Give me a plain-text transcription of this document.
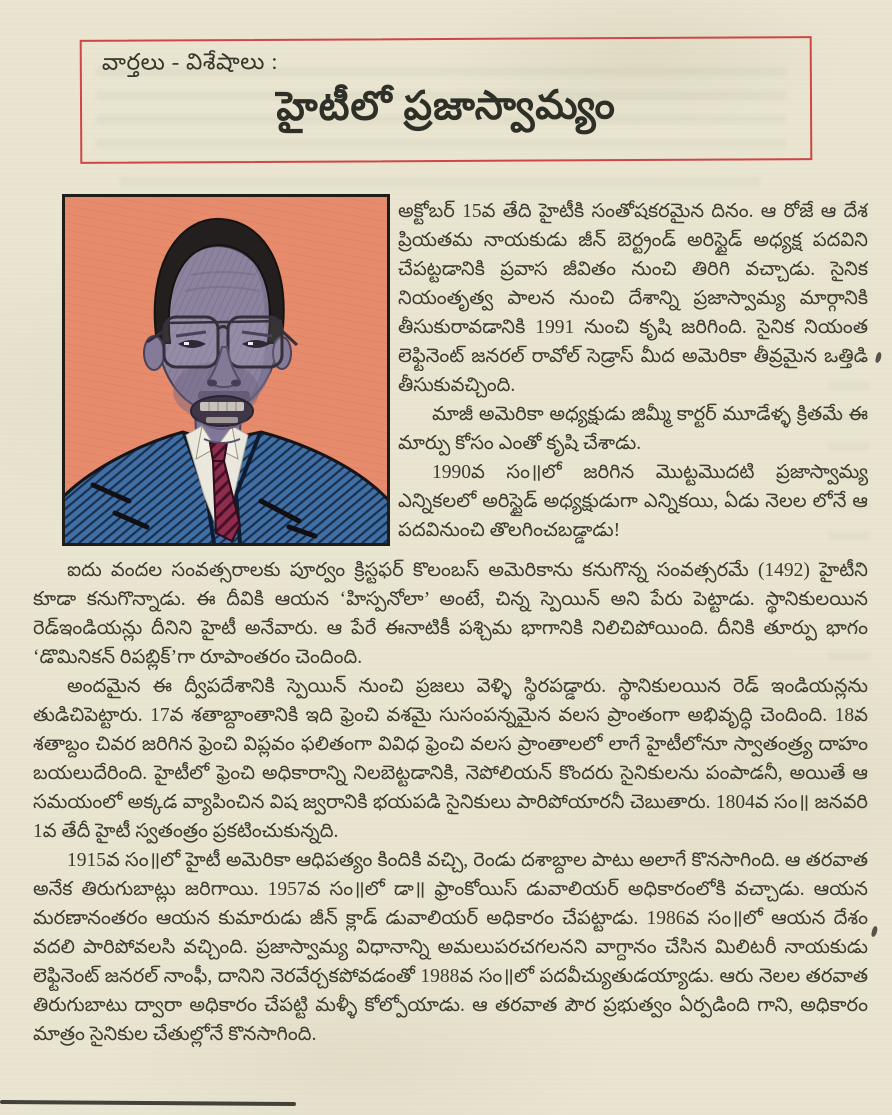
వార్తలు - విశేషాలు :
హైటీలో ప్రజాస్వామ్యం

అక్టోబర్ 15వ తేది హైటీకి సంతోషకరమైన దినం. ఆ రోజే ఆ దేశ ప్రియతమ నాయకుడు జీన్ బెర్ట్రండ్ అరిస్టైడ్ అధ్యక్ష పదవిని చేపట్టడానికి ప్రవాస జీవితం నుంచి తిరిగి వచ్చాడు. సైనిక నియంతృత్వ పాలన నుంచి దేశాన్ని ప్రజాస్వామ్య మార్గానికి తీసుకురావడానికి 1991 నుంచి కృషి జరిగింది. సైనిక నియంత లెఫ్టినెంట్ జనరల్ రావోల్ సెడ్రాస్ మీద అమెరికా తీవ్రమైన ఒత్తిడి తీసుకువచ్చింది.

మాజీ అమెరికా అధ్యక్షుడు జిమ్మీ కార్టర్ మూడేళ్ళ క్రితమే ఈ మార్పు కోసం ఎంతో కృషి చేశాడు.

1990వ సం॥లో జరిగిన మొట్టమొదటి ప్రజాస్వామ్య ఎన్నికలలో అరిస్టైడ్ అధ్యక్షుడుగా ఎన్నికయి, ఏడు నెలల లోనే ఆ పదవినుంచి తొలగించబడ్డాడు!

ఐదు వందల సంవత్సరాలకు పూర్వం క్రిస్టఫర్ కొలంబస్ అమెరికాను కనుగొన్న సంవత్సరమే (1492) హైటీని కూడా కనుగొన్నాడు. ఈ దీవికి ఆయన ‘హిస్పనోలా’ అంటే, చిన్న స్పెయిన్ అని పేరు పెట్టాడు. స్థానికులయిన రెడ్‌ఇండియన్లు దీనిని హైటీ అనేవారు. ఆ పేరే ఈనాటికీ పశ్చిమ భాగానికి నిలిచిపోయింది. దీనికి తూర్పు భాగం ‘డొమినికన్ రిపబ్లిక్’గా రూపాంతరం చెందింది.

అందమైన ఈ ద్వీపదేశానికి స్పెయిన్ నుంచి ప్రజలు వెళ్ళి స్థిరపడ్డారు. స్థానికులయిన రెడ్ ఇండియన్లను తుడిచిపెట్టారు. 17వ శతాబ్దాంతానికి ఇది ఫ్రెంచి వశమై సుసంపన్నమైన వలస ప్రాంతంగా అభివృద్ధి చెందింది. 18వ శతాబ్దం చివర జరిగిన ఫ్రెంచి విప్లవం ఫలితంగా వివిధ ఫ్రెంచి వలస ప్రాంతాలలో లాగే హైటీలోనూ స్వాతంత్ర్య దాహం బయలుదేరింది. హైటీలో ఫ్రెంచి అధికారాన్ని నిలబెట్టడానికి, నెపోలియన్ కొందరు సైనికులను పంపాడనీ, అయితే ఆ సమయంలో అక్కడ వ్యాపించిన విష జ్వరానికి భయపడి సైనికులు పారిపోయారనీ చెబుతారు. 1804వ సం॥ జనవరి 1వ తేదీ హైటీ స్వతంత్రం ప్రకటించుకున్నది.

1915వ సం॥లో హైటీ అమెరికా ఆధిపత్యం కిందికి వచ్చి, రెండు దశాబ్దాల పాటు అలాగే కొనసాగింది. ఆ తరవాత అనేక తిరుగుబాట్లు జరిగాయి. 1957వ సం॥లో డా॥ ఫ్రాంకోయిస్ డువాలియర్ అధికారంలోకి వచ్చాడు. ఆయన మరణానంతరం ఆయన కుమారుడు జీన్ క్లాడ్ డువాలియర్ అధికారం చేపట్టాడు. 1986వ సం॥లో ఆయన దేశం వదలి పారిపోవలసి వచ్చింది. ప్రజాస్వామ్య విధానాన్ని అమలుపరచగలనని వాగ్దానం చేసిన మిలిటరీ నాయకుడు లెఫ్టినెంట్ జనరల్ నాంఫీ, దానిని నెరవేర్చకపోవడంతో 1988వ సం॥లో పదవీచ్యుతుడయ్యాడు. ఆరు నెలల తరవాత తిరుగుబాటు ద్వారా అధికారం చేపట్టి మళ్ళీ కోల్పోయాడు. ఆ తరవాత పౌర ప్రభుత్వం ఏర్పడింది గాని, అధికారం మాత్రం సైనికుల చేతుల్లోనే కొనసాగింది.
